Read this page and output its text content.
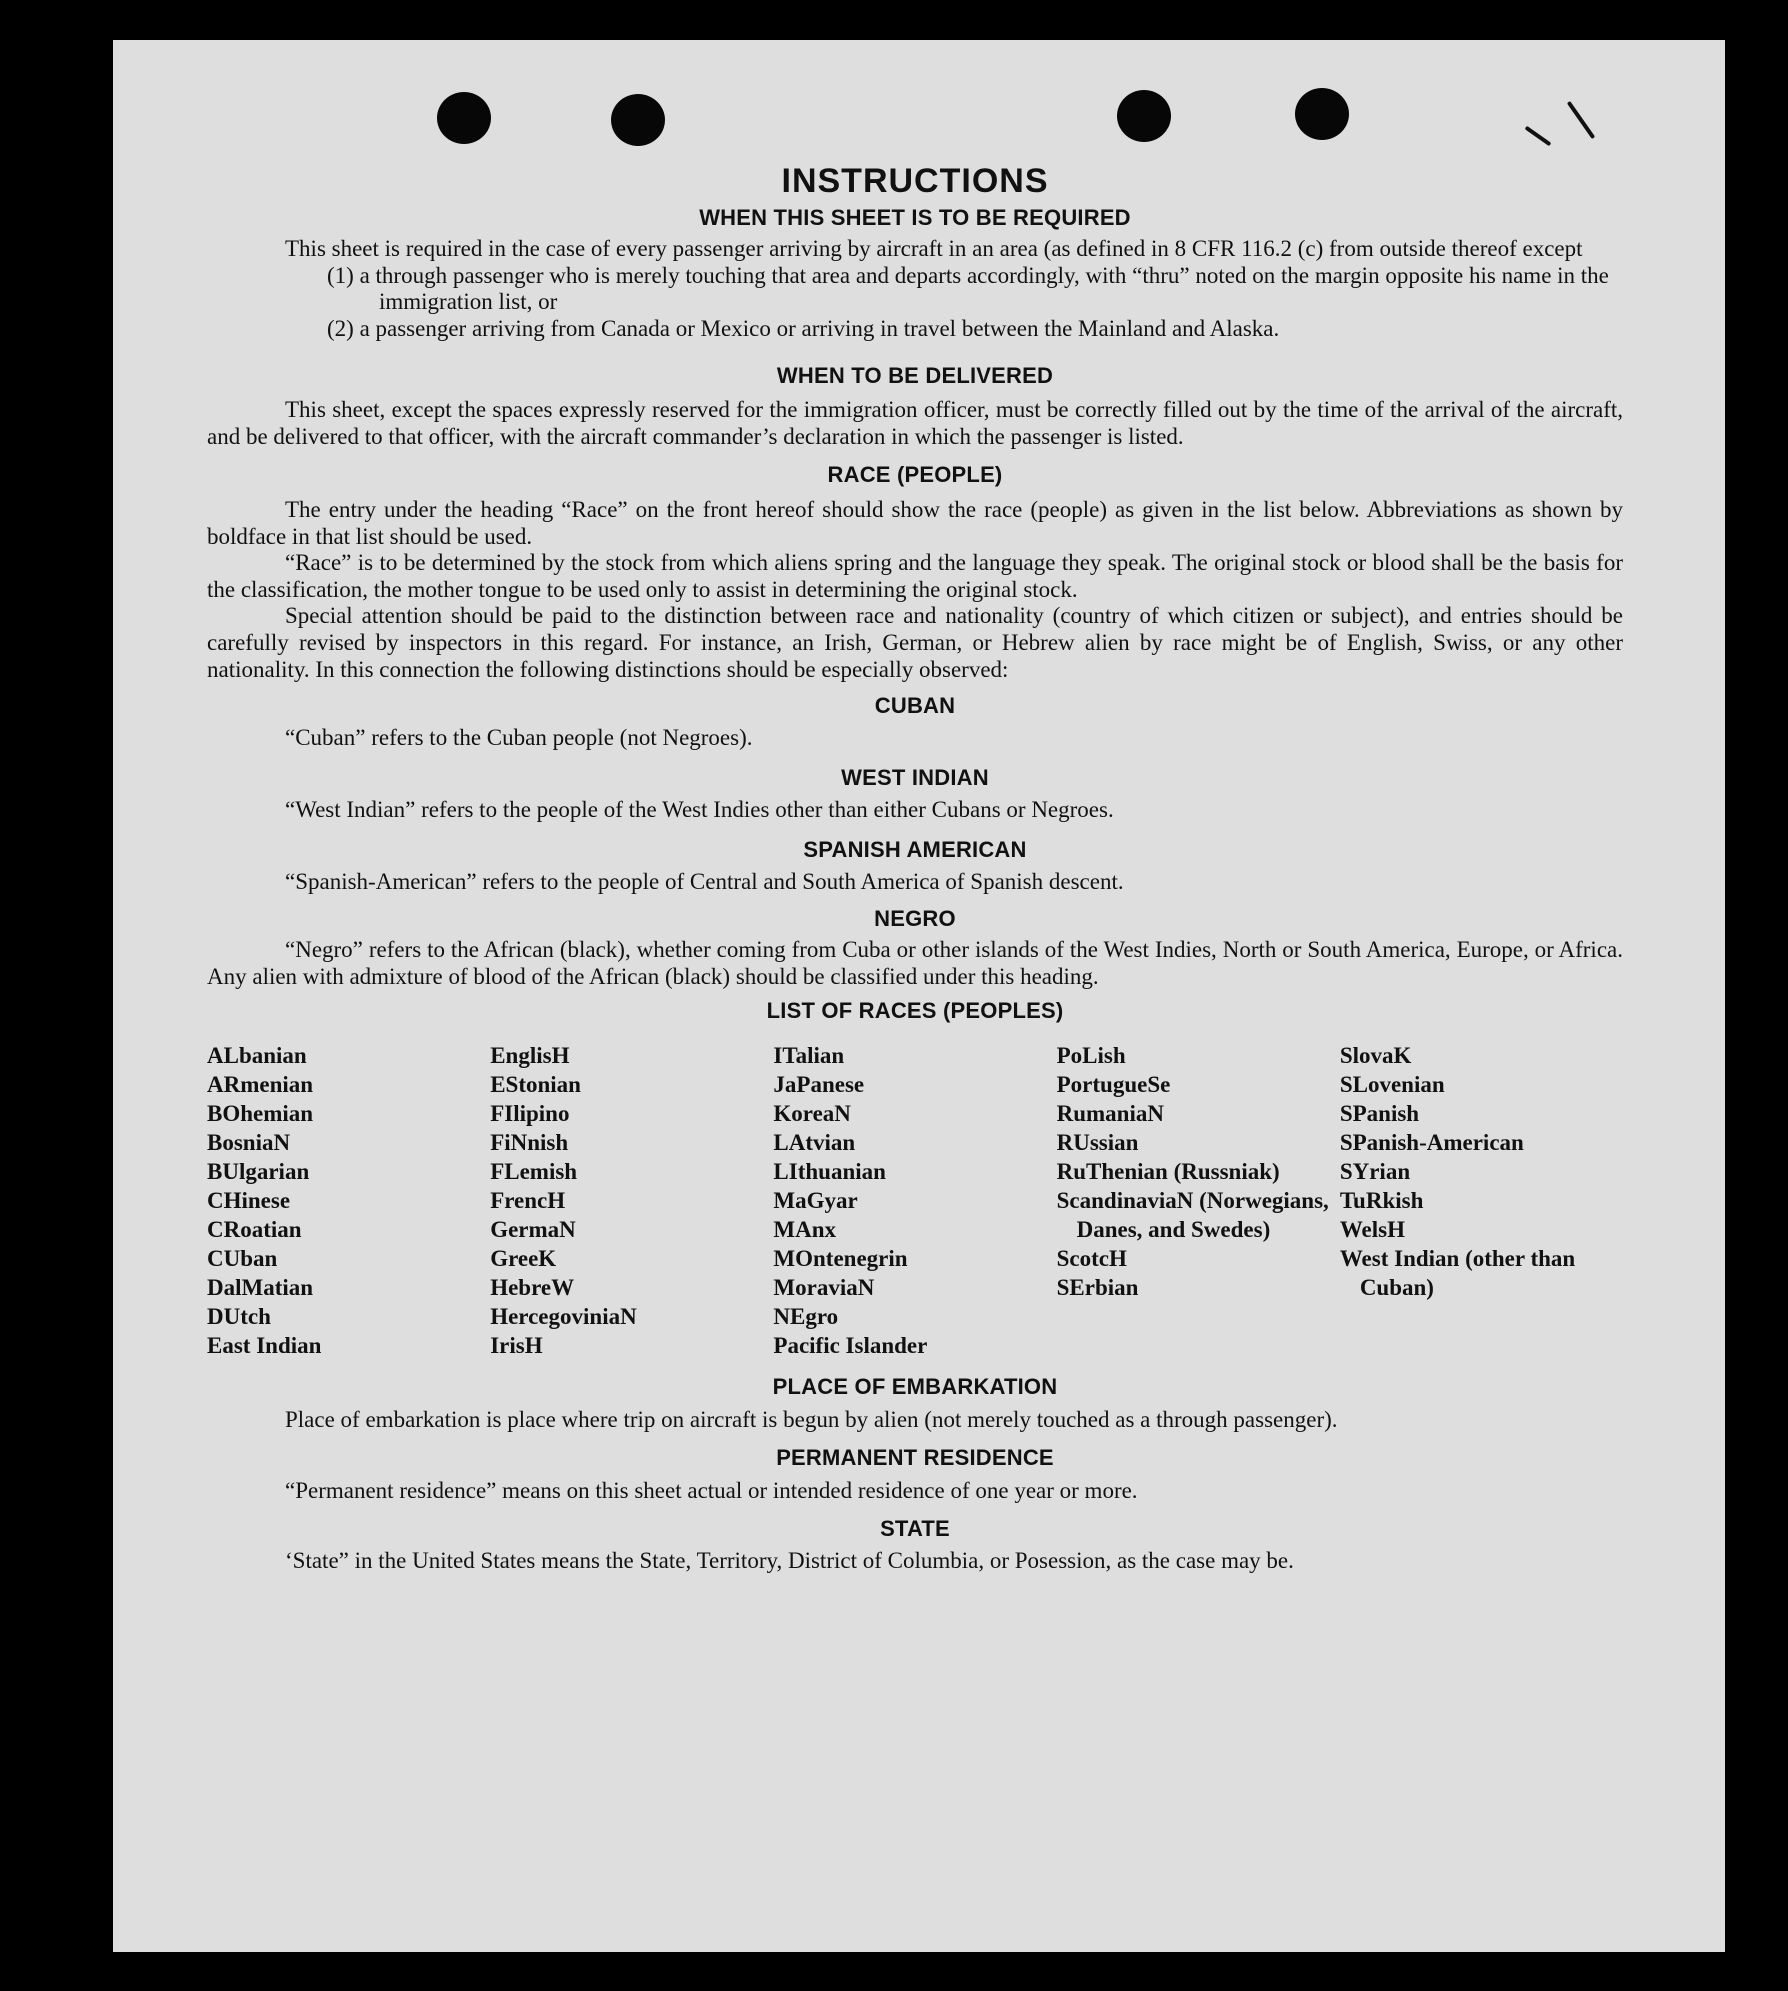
INSTRUCTIONS
WHEN THIS SHEET IS TO BE REQUIRED

This sheet is required in the case of every passenger arriving by aircraft in an area (as defined in 8 CFR 116.2 (c) from outside thereof except

(1) a through passenger who is merely touching that area and departs accordingly, with “thru” noted on the margin opposite his name in the immigration list, or

(2) a passenger arriving from Canada or Mexico or arriving in travel between the Mainland and Alaska.

WHEN TO BE DELIVERED

This sheet, except the spaces expressly reserved for the immigration officer, must be correctly filled out by the time of the arrival of the aircraft, and be delivered to that officer, with the aircraft commander’s declaration in which the passenger is listed.

RACE (PEOPLE)

The entry under the heading “Race” on the front hereof should show the race (people) as given in the list below. Abbreviations as shown by boldface in that list should be used.

“Race” is to be determined by the stock from which aliens spring and the language they speak. The original stock or blood shall be the basis for the classification, the mother tongue to be used only to assist in determining the original stock.

Special attention should be paid to the distinction between race and nationality (country of which citizen or subject), and entries should be carefully revised by inspectors in this regard. For instance, an Irish, German, or Hebrew alien by race might be of English, Swiss, or any other nationality. In this connection the following distinctions should be especially observed:

CUBAN

“Cuban” refers to the Cuban people (not Negroes).

WEST INDIAN

“West Indian” refers to the people of the West Indies other than either Cubans or Negroes.

SPANISH AMERICAN

“Spanish-American” refers to the people of Central and South America of Spanish descent.

NEGRO

“Negro” refers to the African (black), whether coming from Cuba or other islands of the West Indies, North or South America, Europe, or Africa. Any alien with admixture of blood of the African (black) should be classified under this heading.

LIST OF RACES (PEOPLES)
ALbanian
ARmenian
BOhemian
BosniaN
BUlgarian
CHinese
CRoatian
CUban
DalMatian
DUtch
East Indian
EnglisH
EStonian
FIlipino
FiNnish
FLemish
FrencH
GermaN
GreeK
HebreW
HercegoviniaN
IrisH
ITalian
JaPanese
KoreaN
LAtvian
LIthuanian
MaGyar
MAnx
MOntenegrin
MoraviaN
NEgro
Pacific Islander
PoLish
PortugueSe
RumaniaN
RUssian
RuThenian (Russniak)
ScandinaviaN (Norwegians, Danes, and Swedes)
ScotcH
SErbian
SlovaK
SLovenian
SPanish
SPanish-American
SYrian
TuRkish
WelsH
West Indian (other than Cuban)
PLACE OF EMBARKATION

Place of embarkation is place where trip on aircraft is begun by alien (not merely touched as a through passenger).

PERMANENT RESIDENCE

“Permanent residence” means on this sheet actual or intended residence of one year or more.

STATE

‘State” in the United States means the State, Territory, District of Columbia, or Posession, as the case may be.
